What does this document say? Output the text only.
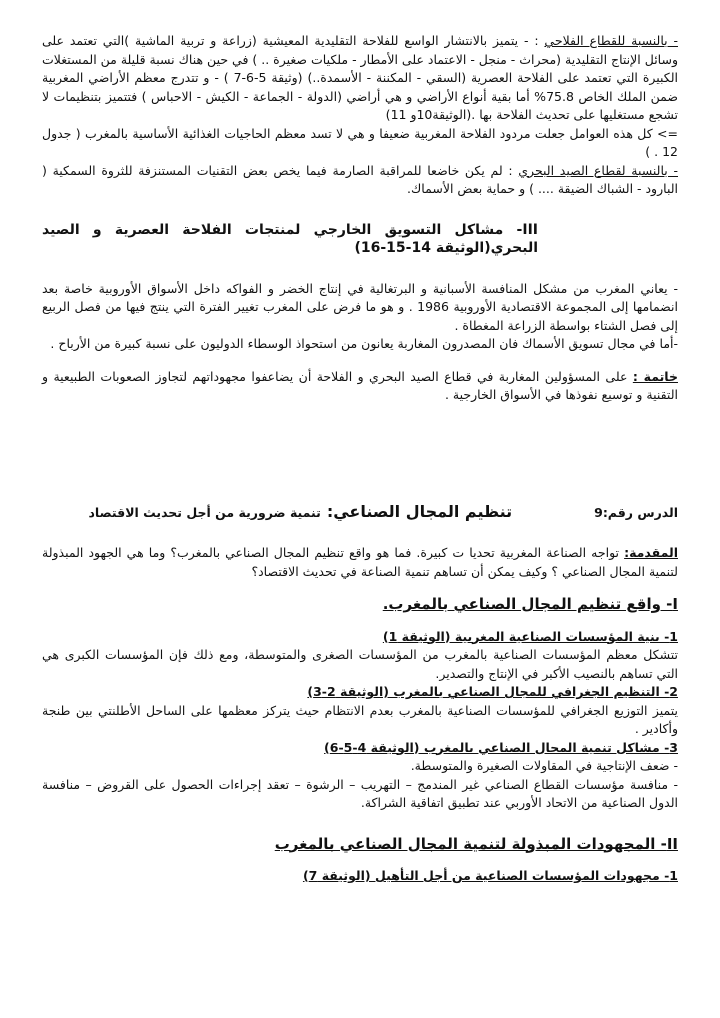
- بالنسبة للقطاع الفلاحي : - يتميز بالانتشار الواسع للفلاحة التقليدية المعيشية (زراعة و تربية الماشية )التي تعتمد على وسائل الإنتاج التقليدية (محراث - منجل - الاعتماد على الأمطار - ملكيات صغيرة .. ) في حين هناك نسبة قليلة من المستغلات الكبيرة التي تعتمد على الفلاحة العصرية (السقي - المكننة - الأسمدة..) (وثيقة 5-6-7 ) - و تتدرج معظم الأراضي المغربية ضمن الملك الخاص 75.8% أما بقية أنواع الأراضي و هي أراضي (الدولة - الجماعة - الكيش - الاحباس ) فتتميز بتنظيمات لا تشجع مستغليها على تحديث الفلاحة بها .(الوثيقة10و 11)

=> كل هذه العوامل جعلت مردود الفلاحة المغربية ضعيفا و هي لا تسد معظم الحاجيات الغذائية الأساسية بالمغرب ( جدول 12 . )

- بالنسبة لقطاع الصيد البحري : لم يكن خاضعا للمراقبة الصارمة فيما يخص بعض التقنيات المستنزفة للثروة السمكية ( البارود - الشباك الضيقة .... ) و حماية بعض الأسماك.

III- مشاكل التسويق الخارجي لمنتجات الفلاحة العصرية و الصيد البحري(الوثيقة 14-15-16)

- يعاني المغرب من مشكل المنافسة الأسبانية و البرتغالية في إنتاج الخضر و الفواكه داخل الأسواق الأوروبية خاصة بعد انضمامها إلى المجموعة الاقتصادية الأوروبية 1986 . و هو ما فرض على المغرب تغيير الفترة التي ينتج فيها من فصل الربيع إلى فصل الشتاء بواسطة الزراعة المغطاة .

-أما في مجال تسويق الأسماك فان المصدرون المغاربة يعانون من استحواذ الوسطاء الدوليون على نسبة كبيرة من الأرباح .

خاتمة : على المسؤولين المغاربة في قطاع الصيد البحري و الفلاحة أن يضاعفوا مجهوداتهم لتجاوز الصعوبات الطبيعية و التقنية و توسيع نفوذها في الأسواق الخارجية .

الدرس رقم:9
تنظيم المجال الصناعي:
تنمية ضرورية من أجل تحديث الاقتصاد

المقدمة: تواجه الصناعة المغربية تحديا ت كبيرة. فما هو واقع تنظيم المجال الصناعي بالمغرب؟ وما هي الجهود المبذولة لتنمية المجال الصناعي ؟ وكيف يمكن أن تساهم تنمية الصناعة في تحديث الاقتصاد؟

I- واقع تنظيم المجال الصناعي بالمغرب.

1- بنية المؤسسات الصناعية المغربية (الوثيقة 1)

تتشكل معظم المؤسسات الصناعية بالمغرب من المؤسسات الصغرى والمتوسطة، ومع ذلك فإن المؤسسات الكبرى هي التي تساهم بالنصيب الأكبر في الإنتاج والتصدير.

2- التنظيم الجغرافي للمجال الصناعي بالمغرب (الوثيقة 2-3)

يتميز التوزيع الجغرافي للمؤسسات الصناعية بالمغرب بعدم الانتظام حيث يتركز معظمها على الساحل الأطلنتي بين طنجة وأكادير .

3- مشاكل تنمية المجال الصناعي بالمغرب (الوثيقة 4-5-6)

- ضعف الإنتاجية في المقاولات الصغيرة والمتوسطة.

- منافسة مؤسسات القطاع الصناعي غير المندمج – التهريب – الرشوة – تعقد إجراءات الحصول على القروض – منافسة الدول الصناعية من الاتحاد الأوربي عند تطبيق اتفاقية الشراكة.

II- المجهودات المبذولة لتنمية المجال الصناعي بالمغرب

1- مجهودات المؤسسات الصناعية من أجل التأهيل (الوثيقة 7)
